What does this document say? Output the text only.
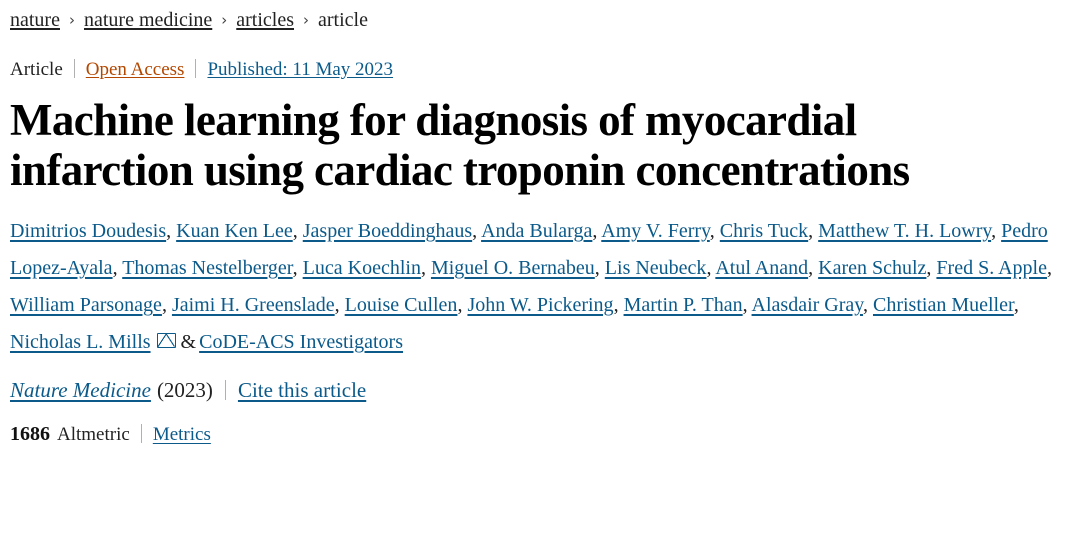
nature › nature medicine › articles › article
Article Open Access Published: 11 May 2023
Machine learning for diagnosis of myocardial infarction using cardiac troponin concentrations
Dimitrios Doudesis, Kuan Ken Lee, Jasper Boeddinghaus, Anda Bularga, Amy V. Ferry, Chris Tuck, Matthew T. H. Lowry, Pedro Lopez-Ayala, Thomas Nestelberger, Luca Koechlin, Miguel O. Bernabeu, Lis Neubeck, Atul Anand, Karen Schulz, Fred S. Apple, William Parsonage, Jaimi H. Greenslade, Louise Cullen, John W. Pickering, Martin P. Than, Alasdair Gray, Christian Mueller, Nicholas L. Mills & CoDE-ACS Investigators
Nature Medicine (2023) Cite this article
1686 Altmetric Metrics
